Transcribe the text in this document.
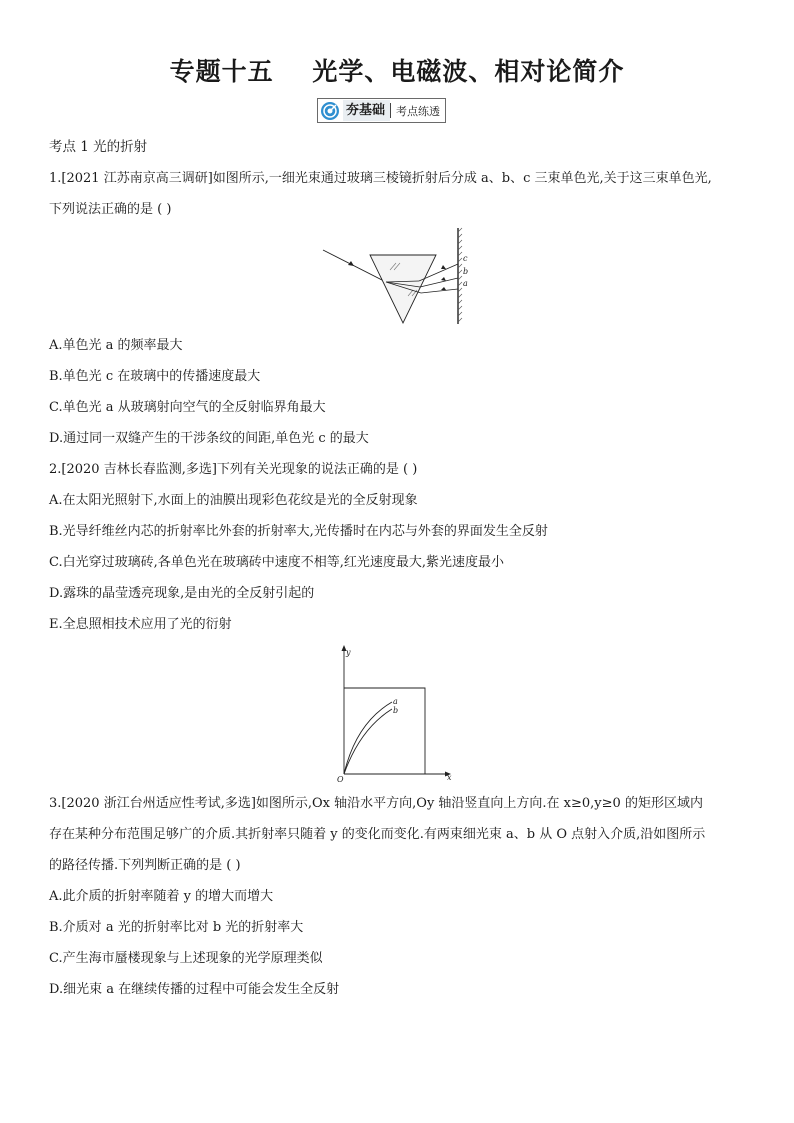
专题十五    光学、电磁波、相对论简介
夯基础	考点练透
考点 1 光的折射
1.[2021 江苏南京高三调研]如图所示,一细光束通过玻璃三棱镜折射后分成 a、b、c 三束单色光,关于这三束单色光,
下列说法正确的是 ( )
c
b
a
A.单色光 a 的频率最大
B.单色光 c 在玻璃中的传播速度最大
C.单色光 a 从玻璃射向空气的全反射临界角最大
D.通过同一双缝产生的干涉条纹的间距,单色光 c 的最大
2.[2020 吉林长春监测,多选]下列有关光现象的说法正确的是 ( )
A.在太阳光照射下,水面上的油膜出现彩色花纹是光的全反射现象
B.光导纤维丝内芯的折射率比外套的折射率大,光传播时在内芯与外套的界面发生全反射
C.白光穿过玻璃砖,各单色光在玻璃砖中速度不相等,红光速度最大,紫光速度最小
D.露珠的晶莹透亮现象,是由光的全反射引起的
E.全息照相技术应用了光的衍射
y
x
O
a
b
3.[2020 浙江台州适应性考试,多选]如图所示,Ox 轴沿水平方向,Oy 轴沿竖直向上方向.在 x≥0,y≥0 的矩形区域内
存在某种分布范围足够广的介质.其折射率只随着 y 的变化而变化.有两束细光束 a、b 从 O 点射入介质,沿如图所示
的路径传播.下列判断正确的是 ( )
A.此介质的折射率随着 y 的增大而增大
B.介质对 a 光的折射率比对 b 光的折射率大
C.产生海市蜃楼现象与上述现象的光学原理类似
D.细光束 a 在继续传播的过程中可能会发生全反射
